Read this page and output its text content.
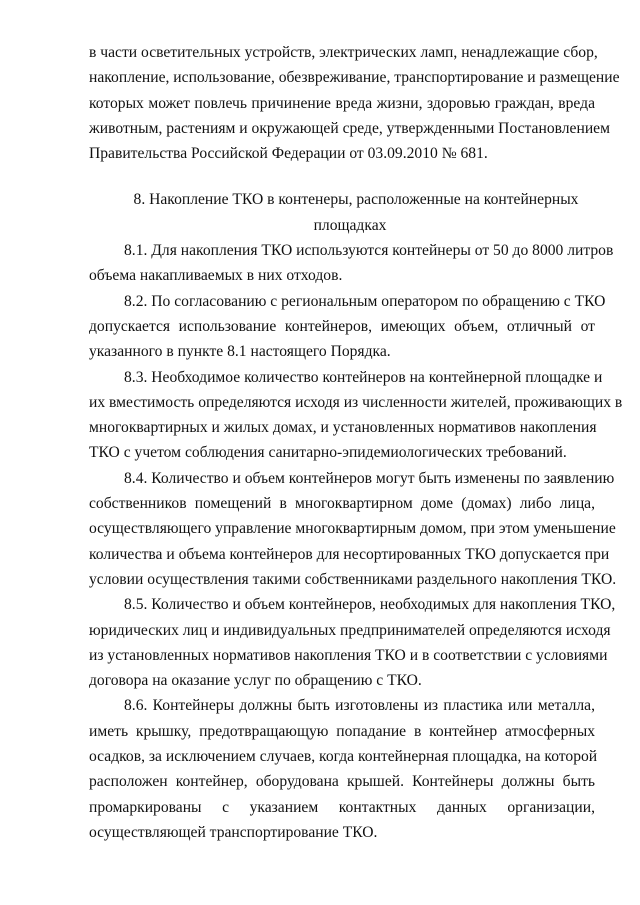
в части осветительных устройств, электрических ламп, ненадлежащие сбор,
накопление, использование, обезвреживание, транспортирование и размещение
которых может повлечь причинение вреда жизни, здоровью граждан, вреда
животным, растениям и окружающей среде, утвержденными Постановлением
Правительства Российской Федерации от 03.09.2010 № 681.
8. Накопление ТКО в контенеры, расположенные на контейнерных
площадках
8.1. Для накопления ТКО используются контейнеры от 50 до 8000 литров
объема накапливаемых в них отходов.
8.2. По согласованию с региональным оператором по обращению с ТКО
допускается использование контейнеров, имеющих объем, отличный от
указанного в пункте 8.1 настоящего Порядка.
8.3. Необходимое количество контейнеров на контейнерной площадке и
их вместимость определяются исходя из численности жителей, проживающих в
многоквартирных и жилых домах, и установленных нормативов накопления
ТКО с учетом соблюдения санитарно-эпидемиологических требований.
8.4. Количество и объем контейнеров могут быть изменены по заявлению
собственников помещений в многоквартирном доме (домах) либо лица,
осуществляющего управление многоквартирным домом, при этом уменьшение
количества и объема контейнеров для несортированных ТКО допускается при
условии осуществления такими собственниками раздельного накопления ТКО.
8.5. Количество и объем контейнеров, необходимых для накопления ТКО,
юридических лиц и индивидуальных предпринимателей определяются исходя
из установленных нормативов накопления ТКО и в соответствии с условиями
договора на оказание услуг по обращению с ТКО.
8.6. Контейнеры должны быть изготовлены из пластика или металла,
иметь крышку, предотвращающую попадание в контейнер атмосферных
осадков, за исключением случаев, когда контейнерная площадка, на которой
расположен контейнер, оборудована крышей. Контейнеры должны быть
промаркированы с указанием контактных данных организации,
осуществляющей транспортирование ТКО.
